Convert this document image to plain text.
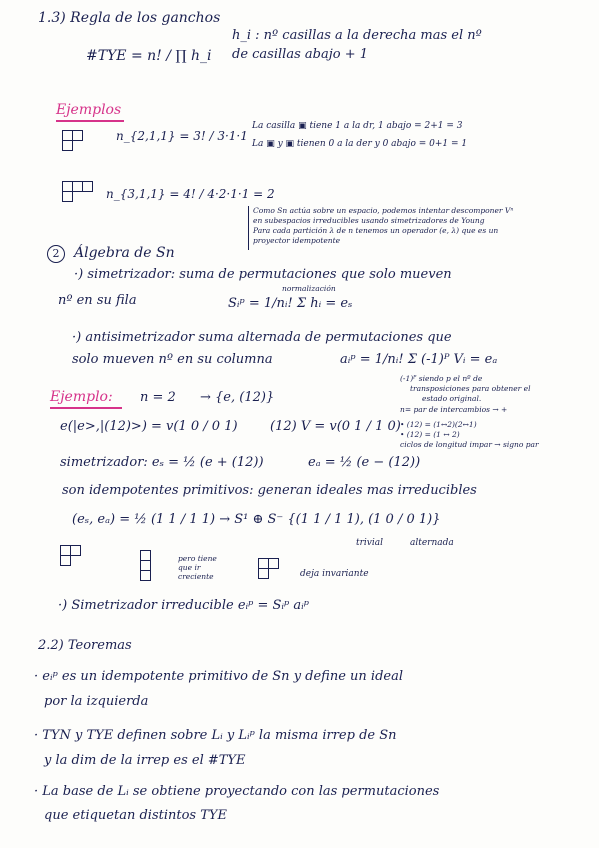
1.3) Regla de los ganchos
#TYE = n! / ∏ h_i
h_i : nº casillas a la derecha mas el nº
de casillas abajo + 1
Ejemplos
n_{2,1,1} = 3! / 3·1·1
La casilla ▣ tiene 1 a la dr, 1 abajo = 2+1 = 3
La ▣ y ▣ tienen 0 a la der y 0 abajo = 0+1 = 1
n_{3,1,1} = 4! / 4·2·1·1 = 2
Como Sn actúa sobre un espacio, podemos intentar descomponer Vⁿ
en subespacios irreducibles usando simetrizadores de Young
Para cada partición λ de n tenemos un operador (e, λ) que es un
proyector idempotente
2	Álgebra de Sn
·) simetrizador: suma de permutaciones que solo mueven
normalización
nº en su fila	Sᵢᵖ = 1/nᵢ! Σ hᵢ = eₛ
·) antisimetrizador suma alternada de permutaciones que
solo mueven nº en su columna	aᵢᵖ = 1/nᵢ! Σ (-1)ᴾ Vᵢ = eₐ
(-1)ᴾ siendo p el nº de
transposiciones para obtener el
estado original.
n= par de intercambios → +
Ejemplo: n = 2 → {e, (12)}
e(|e>,|(12)>) = v(1 0 / 0 1) (12) V = v(0 1 / 1 0) • (12) = (1↔2)(2↔1)
• (12) = (1 ↔ 2)
ciclos de longitud impar → signo par
simetrizador: eₛ = ½ (e + (12))	eₐ = ½ (e − (12))
son idempotentes primitivos: generan ideales mas irreducibles
(eₛ, eₐ) = ½ (1 1 / 1 1) → S¹ ⊕ S⁻ {(1 1 / 1 1), (1 0 / 0 1)}
trivial	alternada
pero tiene
que ir
creciente	deja invariante
·) Simetrizador irreducible eᵢᵖ = Sᵢᵖ aᵢᵖ
2.2) Teoremas
· eᵢᵖ es un idempotente primitivo de Sn y define un ideal
por la izquierda
· TYN y TYE definen sobre Lᵢ y Lᵢᵖ la misma irrep de Sn
y la dim de la irrep es el #TYE
· La base de Lᵢ se obtiene proyectando con las permutaciones
que etiquetan distintos TYE
